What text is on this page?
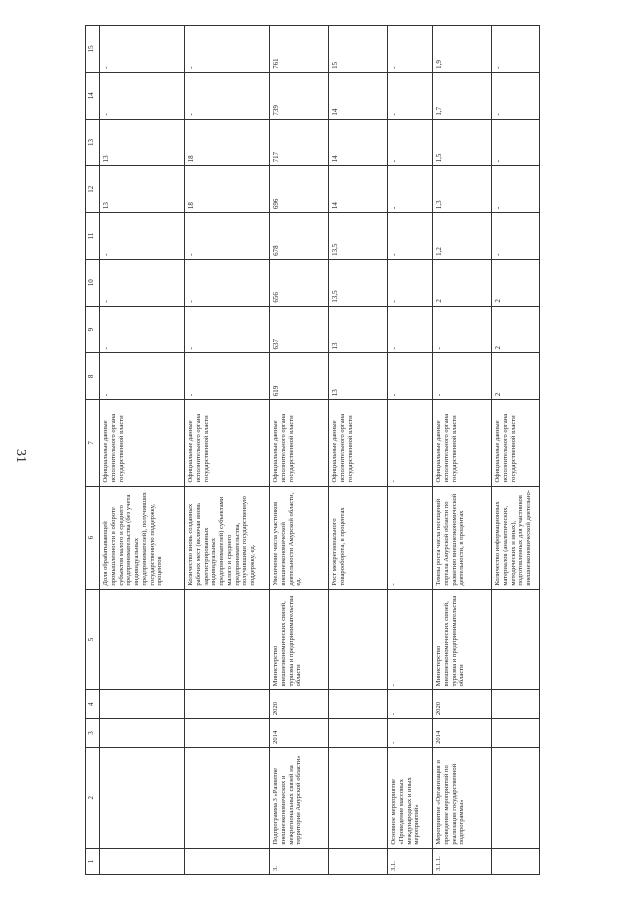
31
1	2	3	4	5	6	7	8	9	10	11	12	13	14	15
					Доля обрабатывающей промышленности в обороте субъектов малого и среднего предпринимательства (без учета индивидуальных предпринимателей), получивших государственную поддержку, процентов	Официальные данные исполнительного органа государственной власти	-	-	-	-	13	13	-	-
					Количество вновь созданных рабочих мест (включая вновь зарегистрированных индивидуальных предпринимателей) субъектами малого и среднего предпринимательства, получившими государственную поддержку, ед.	Официальные данные исполнительного органа государственной власти	-	-	-	-	18	18	-	-
3.	Подпрограмма 3 «Развитие внешнеэкономических и межрегиональных связей на территории Амурской области»	2014	2020	Министерство внешнеэкономических связей, туризма и предпринимательства области	Увеличение числа участников внешнеэкономической деятельности Амурской области, ед.	Официальные данные исполнительного органа государственной власти	619	637	656	678	696	717	739	761
					Рост межрегионального товарооборота, в процентах	Официальные данные исполнительного органа государственной власти	13	13	13,5	13,5	14	14	14	15
3.1.	Основное мероприятие «Проведение массовых международных и иных мероприятий»	-	-	-	-	-	-	-	-	-	-	-	-	-
3.1.1.	Мероприятие «Организация и проведение мероприятий по реализации государственной подпрограммы»	2014	2020	Министерство внешнеэкономических связей, туризма и предпринимательства области	Темпы роста числа посещений портала Амурской области по развитию внешнеэкономической деятельности, в процентах	Официальные данные исполнительного органа государственной власти	-	-	2	1,2	1,3	1,5	1,7	1,9
					Количество информационных материалов (аналитических, методических и иных), подготовленных для участников внешнеэкономической деятельно-	Официальные данные исполнительного органа государственной власти	2	2	2	-	-	-	-	-
